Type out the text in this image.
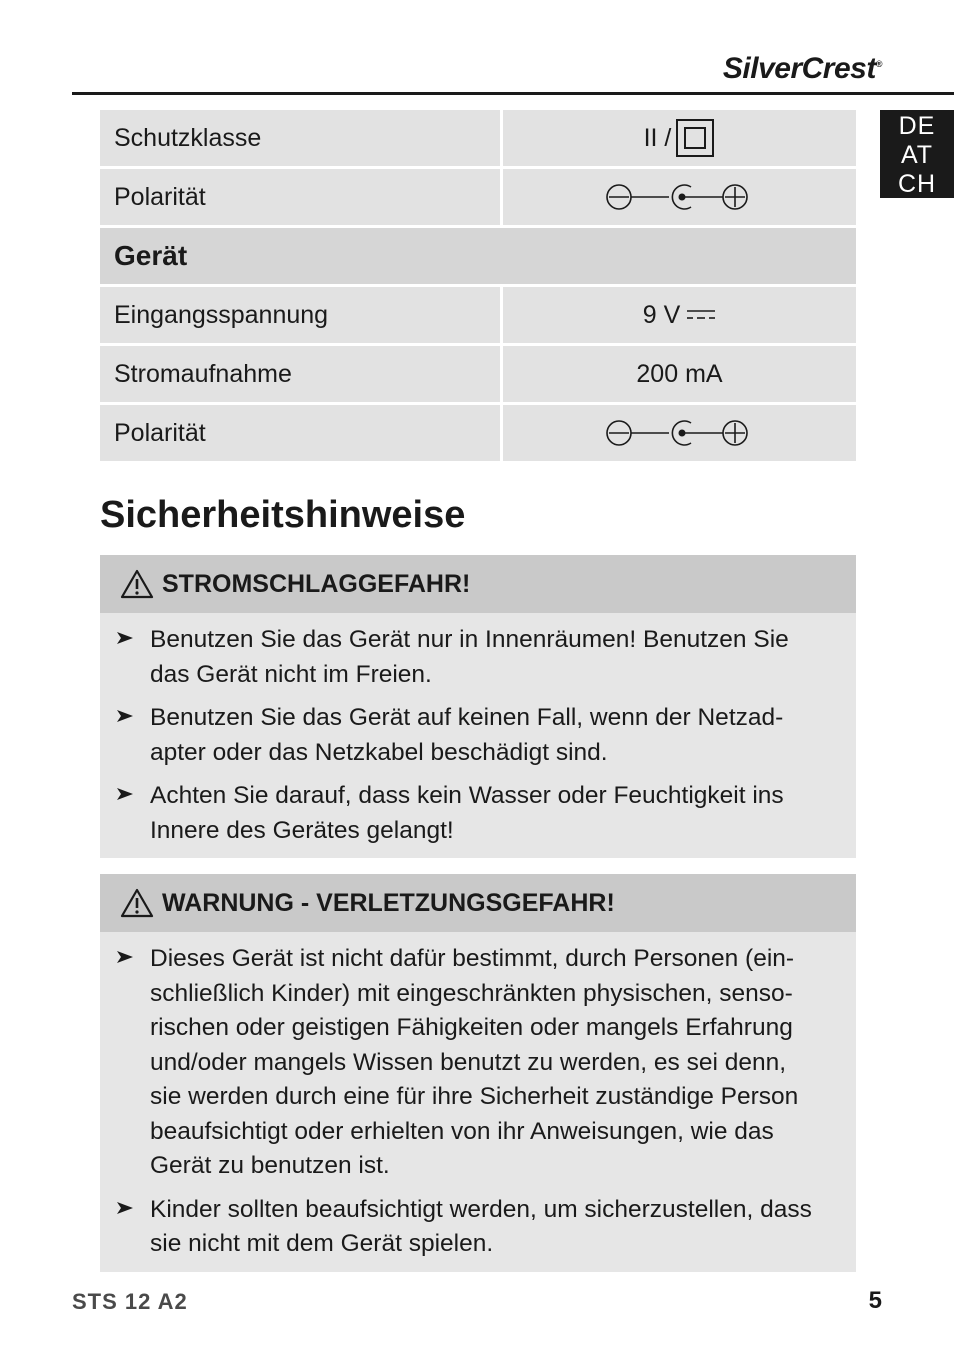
SilverCrest®
DE
AT
CH
Schutzklasse	II /
Polarität
Gerät
Eingangsspannung	9 V
Stromaufnahme	200 mA
Polarität
Sicherheitshinweise
STROMSCHLAGGEFAHR!
Benutzen Sie das Gerät nur in Innenräumen! Benutzen Sie das Gerät nicht im Freien.
Benutzen Sie das Gerät auf keinen Fall, wenn der Netzad-apter oder das Netzkabel beschädigt sind.
Achten Sie darauf, dass kein Wasser oder Feuchtigkeit ins Innere des Gerätes gelangt!
WARNUNG - VERLETZUNGSGEFAHR!
Dieses Gerät ist nicht dafür bestimmt, durch Personen (ein-schließlich Kinder) mit eingeschränkten physischen, senso-rischen oder geistigen Fähigkeiten oder mangels Erfahrung und/oder mangels Wissen benutzt zu werden, es sei denn, sie werden durch eine für ihre Sicherheit zuständige Person beaufsichtigt oder erhielten von ihr Anweisungen, wie das Gerät zu benutzen ist.
Kinder sollten beaufsichtigt werden, um sicherzustellen, dass sie nicht mit dem Gerät spielen.
STS 12 A2	5
